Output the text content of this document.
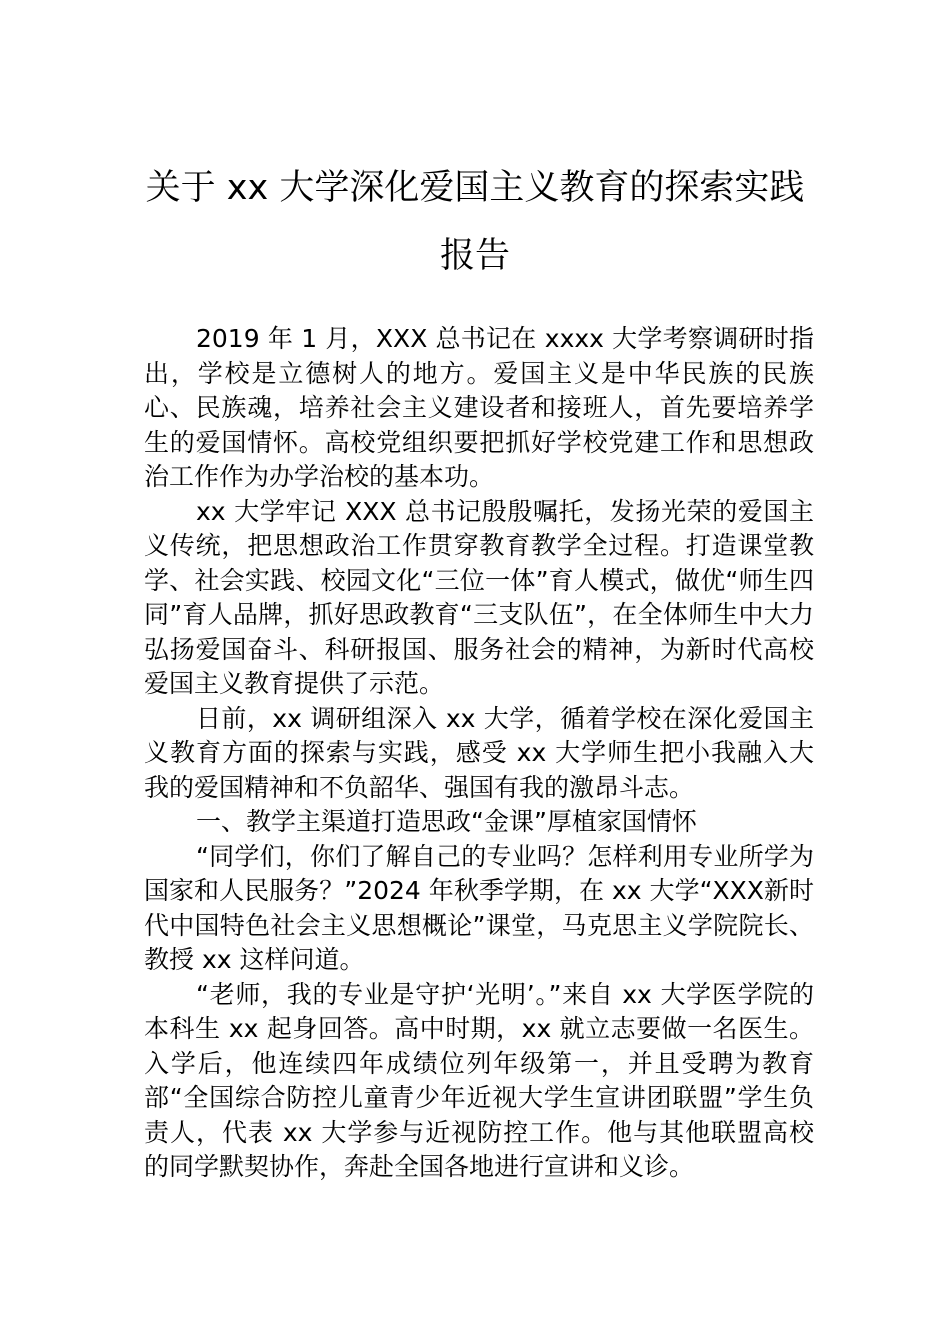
关于 xx 大学深化爱国主义教育的探索实践
报告

2019 年 1 月，XXX 总书记在 xxxx 大学考察调研时指出，学校是立德树人的地方。爱国主义是中华民族的民族心、民族魂，培养社会主义建设者和接班人，首先要培养学生的爱国情怀。高校党组织要把抓好学校党建工作和思想政治工作作为办学治校的基本功。

xx 大学牢记 XXX 总书记殷殷嘱托，发扬光荣的爱国主义传统，把思想政治工作贯穿教育教学全过程。打造课堂教学、社会实践、校园文化“三位一体”育人模式，做优“师生四同”育人品牌，抓好思政教育“三支队伍”，在全体师生中大力弘扬爱国奋斗、科研报国、服务社会的精神，为新时代高校爱国主义教育提供了示范。

日前，xx 调研组深入 xx 大学，循着学校在深化爱国主义教育方面的探索与实践，感受 xx 大学师生把小我融入大我的爱国精神和不负韶华、强国有我的激昂斗志。

一、教学主渠道打造思政“金课”厚植家国情怀

“同学们，你们了解自己的专业吗？怎样利用专业所学为国家和人民服务？”2024 年秋季学期，在 xx 大学“XXX新时代中国特色社会主义思想概论”课堂，马克思主义学院院长、教授 xx 这样问道。

“老师，我的专业是守护‘光明’。”来自 xx 大学医学院的本科生 xx 起身回答。高中时期，xx 就立志要做一名医生。入学后，他连续四年成绩位列年级第一，并且受聘为教育部“全国综合防控儿童青少年近视大学生宣讲团联盟”学生负责人，代表 xx 大学参与近视防控工作。他与其他联盟高校的同学默契协作，奔赴全国各地进行宣讲和义诊。
